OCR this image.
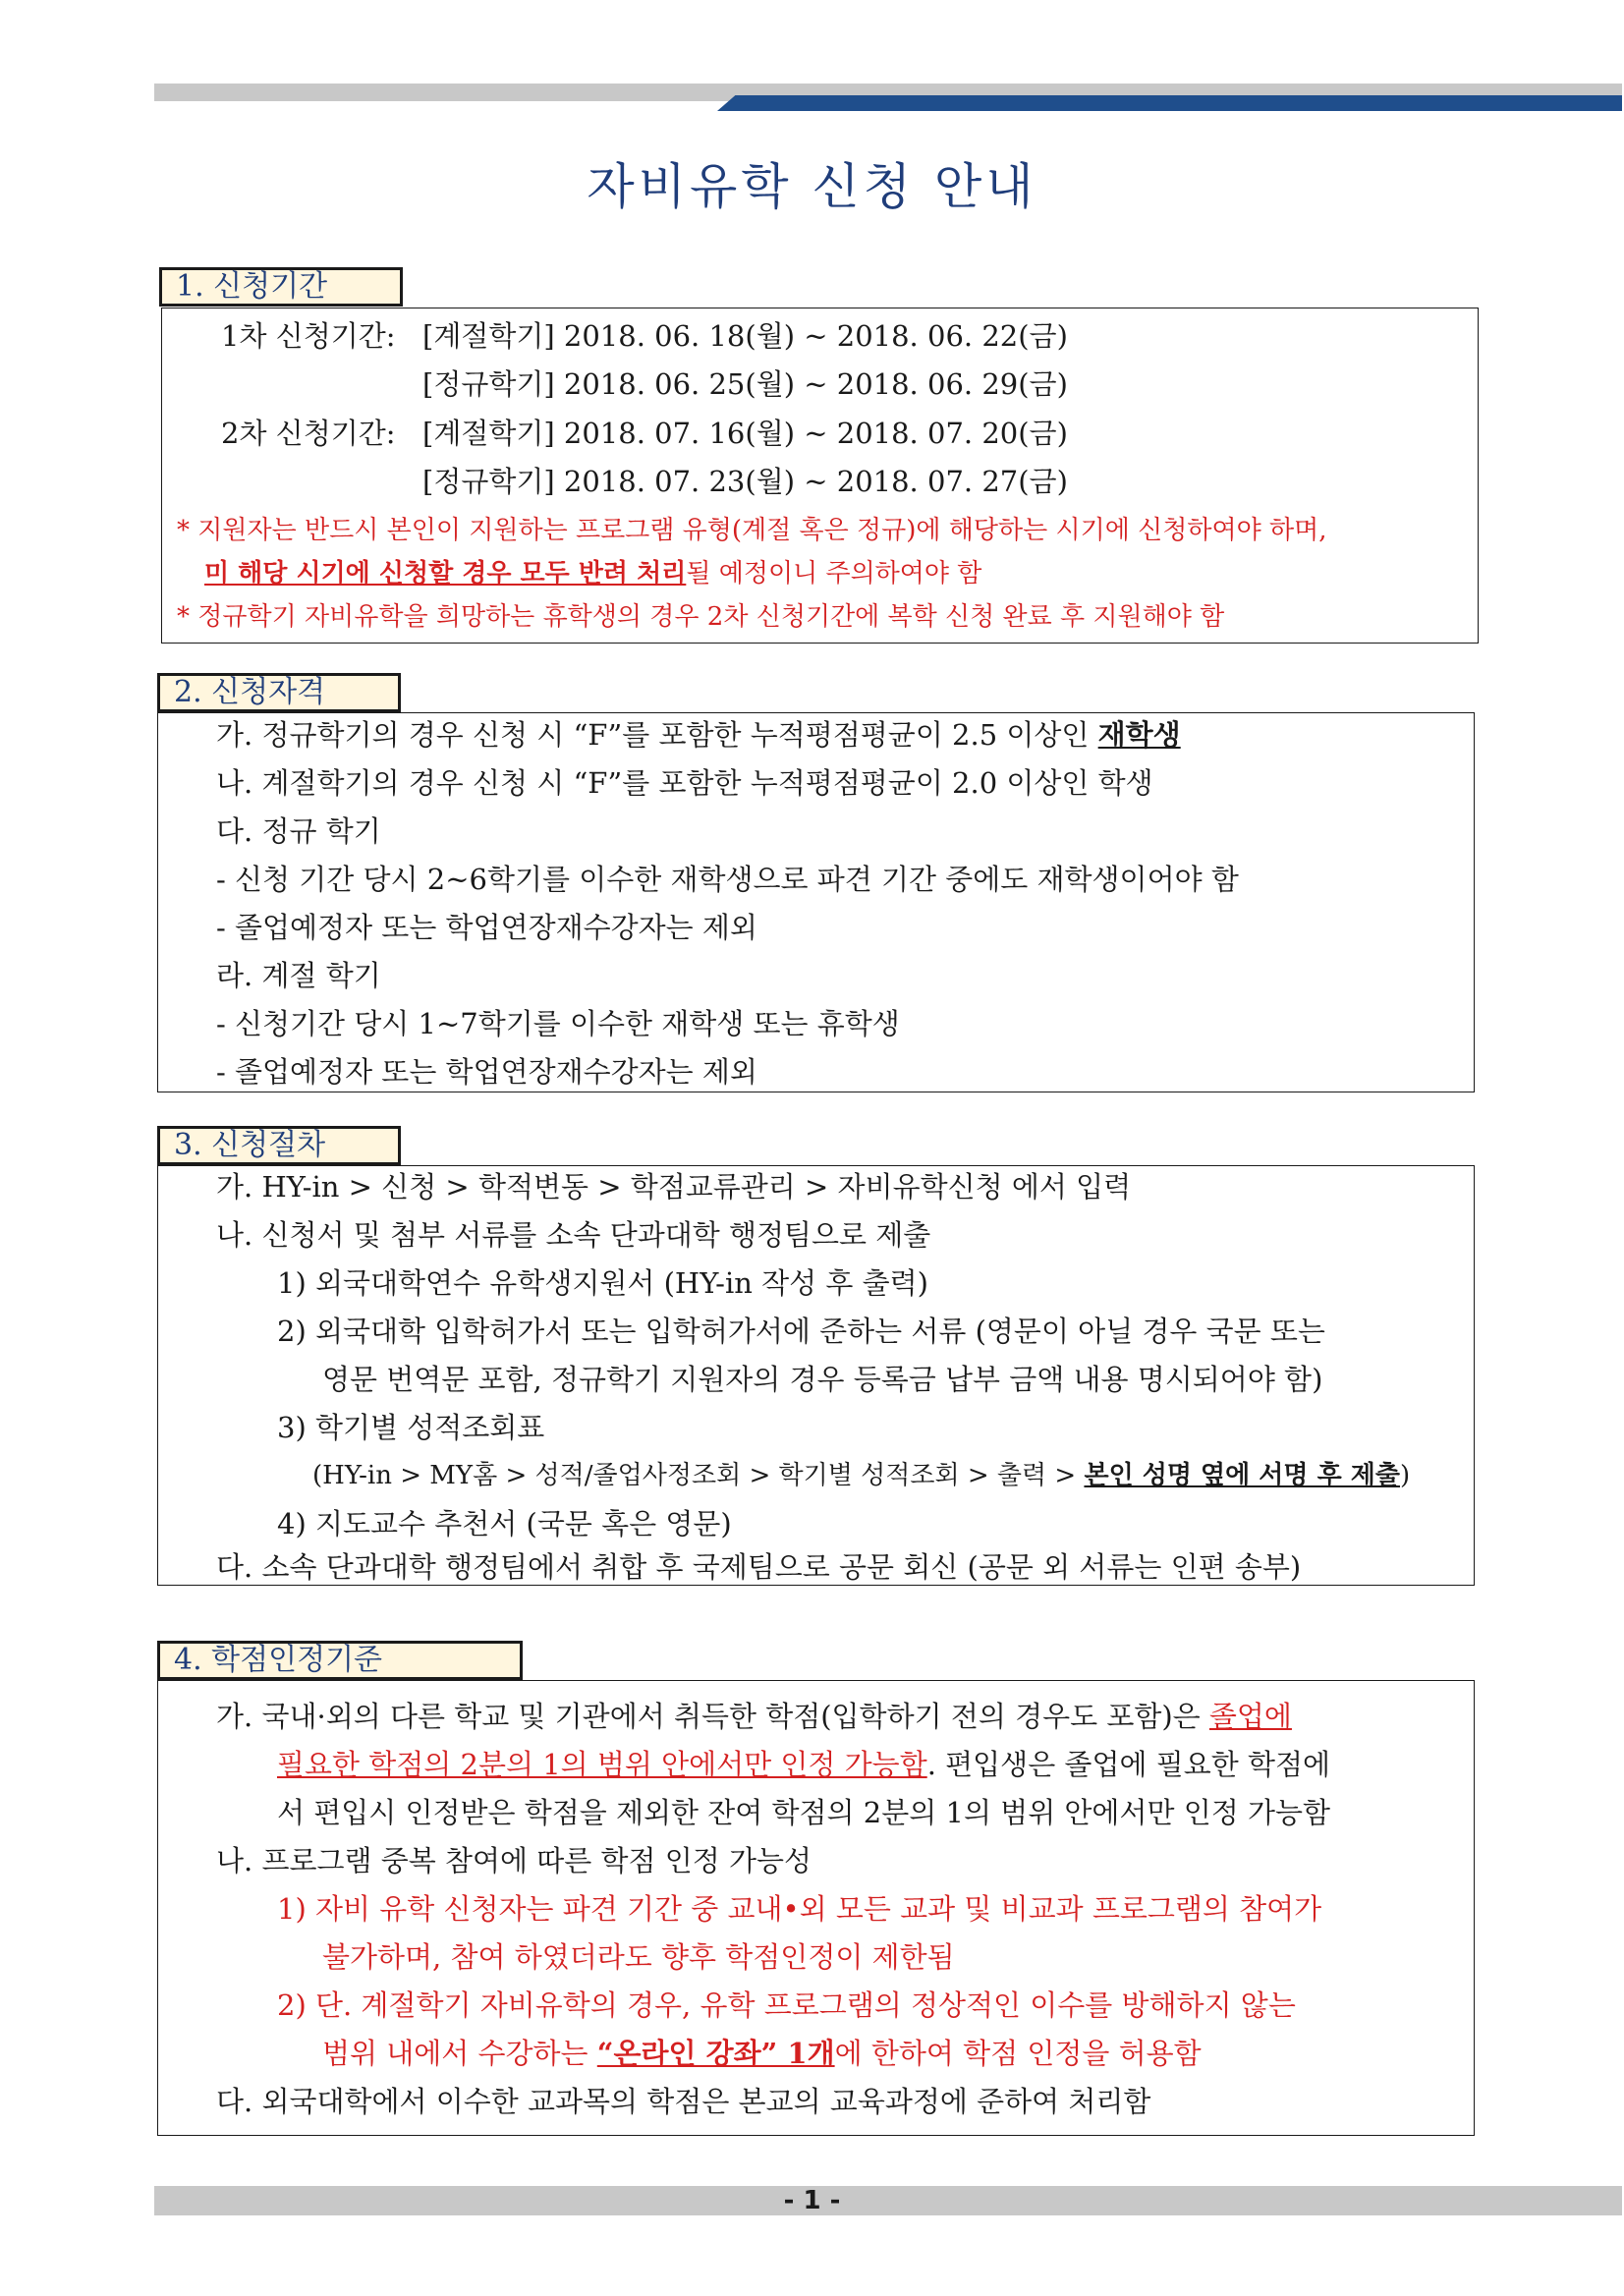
자비유학 신청 안내
1. 신청기간
1차 신청기간: [계절학기] 2018. 06. 18(월) ~ 2018. 06. 22(금)
[정규학기] 2018. 06. 25(월) ~ 2018. 06. 29(금)
2차 신청기간: [계절학기] 2018. 07. 16(월) ~ 2018. 07. 20(금)
[정규학기] 2018. 07. 23(월) ~ 2018. 07. 27(금)
* 지원자는 반드시 본인이 지원하는 프로그램 유형(계절 혹은 정규)에 해당하는 시기에 신청하여야 하며,
미 해당 시기에 신청할 경우 모두 반려 처리될 예정이니 주의하여야 함
* 정규학기 자비유학을 희망하는 휴학생의 경우 2차 신청기간에 복학 신청 완료 후 지원해야 함
2. 신청자격
가. 정규학기의 경우 신청 시 “F”를 포함한 누적평점평균이 2.5 이상인 재학생
나. 계절학기의 경우 신청 시 “F”를 포함한 누적평점평균이 2.0 이상인 학생
다. 정규 학기
- 신청 기간 당시 2~6학기를 이수한 재학생으로 파견 기간 중에도 재학생이어야 함
- 졸업예정자 또는 학업연장재수강자는 제외
라. 계절 학기
- 신청기간 당시 1~7학기를 이수한 재학생 또는 휴학생
- 졸업예정자 또는 학업연장재수강자는 제외
3. 신청절차
가. HY-in > 신청 > 학적변동 > 학점교류관리 > 자비유학신청 에서 입력
나. 신청서 및 첨부 서류를 소속 단과대학 행정팀으로 제출
1) 외국대학연수 유학생지원서 (HY-in 작성 후 출력)
2) 외국대학 입학허가서 또는 입학허가서에 준하는 서류 (영문이 아닐 경우 국문 또는
영문 번역문 포함, 정규학기 지원자의 경우 등록금 납부 금액 내용 명시되어야 함)
3) 학기별 성적조회표
(HY-in > MY홈 > 성적/졸업사정조회 > 학기별 성적조회 > 출력 > 본인 성명 옆에 서명 후 제출)
4) 지도교수 추천서 (국문 혹은 영문)
다. 소속 단과대학 행정팀에서 취합 후 국제팀으로 공문 회신 (공문 외 서류는 인편 송부)
4. 학점인정기준
가. 국내·외의 다른 학교 및 기관에서 취득한 학점(입학하기 전의 경우도 포함)은 졸업에
필요한 학점의 2분의 1의 범위 안에서만 인정 가능함. 편입생은 졸업에 필요한 학점에
서 편입시 인정받은 학점을 제외한 잔여 학점의 2분의 1의 범위 안에서만 인정 가능함
나. 프로그램 중복 참여에 따른 학점 인정 가능성
1) 자비 유학 신청자는 파견 기간 중 교내•외 모든 교과 및 비교과 프로그램의 참여가
불가하며, 참여 하였더라도 향후 학점인정이 제한됨
2) 단. 계절학기 자비유학의 경우, 유학 프로그램의 정상적인 이수를 방해하지 않는
범위 내에서 수강하는 “온라인 강좌” 1개에 한하여 학점 인정을 허용함
다. 외국대학에서 이수한 교과목의 학점은 본교의 교육과정에 준하여 처리함
- 1 -
